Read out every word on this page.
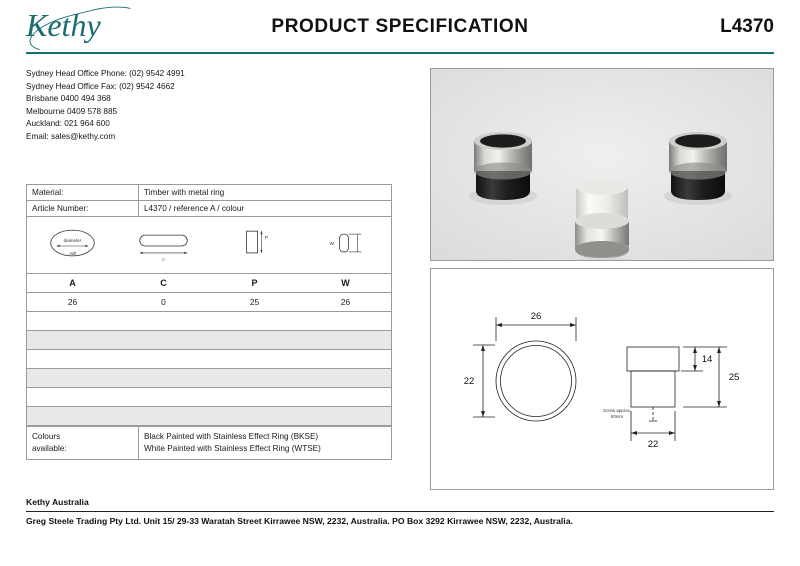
Kethy	PRODUCT SPECIFICATION	L4370
Sydney Head Office Phone: (02) 9542 4991
Sydney Head Office Fax: (02) 9542 4662
Brisbane 0400 494 368
Melbourne 0409 578 885
Auckland: 021 964 600
Email: sales@kethy.com
Material:	Timber with metal ring
Article Number:	L4370 / reference A / colour
diameter
AØ
c
P
W
A	C	P	W
26	0	25	26
Colours
available:
Black Painted with Stainless Effect Ring (BKSE)
White Painted with Stainless Effect Ring (WTSE)
26
22
22
25
14
Screw approx.
50mm
Kethy Australia
Greg Steele Trading Pty Ltd. Unit 15/ 29-33 Waratah Street Kirrawee NSW, 2232, Australia. PO Box 3292 Kirrawee NSW, 2232, Australia.
